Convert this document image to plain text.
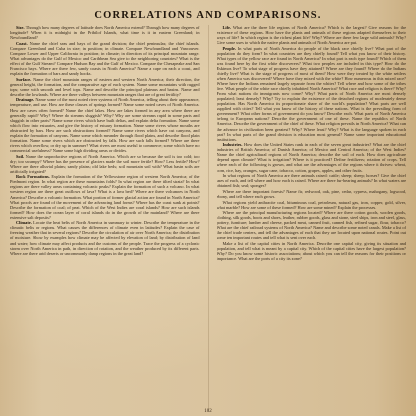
CORRELATIONS AND COMPARISONS.

Size. Through how many degrees of latitude does North America extend? Through how many degrees of longitude? When it is midnight in the Pribilof Islands, what time is it in eastern Greenland; in Newfoundland?

Coast. Name the chief seas and bays of the grand division; the chief peninsulas; the chief islands. Compare Greenland and Cuba in size; in position; in climate. Compare Newfoundland and Vancouver. Compare Lower and Upper California in position; in climate; in direction of its principal mountain range. What advantages do the Gulf of Mexico and Caribbean Sea give to the neighboring countries? What is the effect of the Gulf Stream? Compare Hudson Bay and the Gulf of Mexico. Compare the Chesapeake and San Francisco bays. Where are there few, sandy coasts in North America? Name a cape on each a coast, and explain the formation of bars and sandy hooks.

Surface. Name the chief mountain ranges of eastern and western North America; their direction, the general height, the formation, and the comparative age of each system. Name some mountains with rugged tops; some with smooth and level tops. Name and describe the principal plateaus and basins. Name and describe the lowlands. Where are there valleys between mountain ranges that are of great fertility?

Drainage. Name some of the most noted river systems of North America, telling about their appearance, temperature, and use. How are these classes of springs formed? Name some noted caves of North America. How are caves often formed? Name the chief lakes. How are lakes formed in any area where there are generally rapid? Why? Where do streams sluggish? Why? Why are some streams rapid in some parts and sluggish in other parts? Name some rivers which have built deltas, and explain delta formation. Name some which flow into estuaries, and give the history of estuary formation. Name some rivers whose mouths are obstructed by bars. How are such obstructions formed? Name some rivers which have cut canyons, and explain the formation of canyons. Name some which meander through flood plains, and describe flood plain formation. Name some rivers which are obstructed by falls. How are such falls formed? Where are there rivers which overflow, or dry up in summer? What rivers are most useful to commerce; some which have no commercial usefulness? Name some high dividing areas or divides.

Soil. Name the unproductive regions of North America. Which are so because the soil is too cold; too dry; too swampy? Where has the presence of glaciers made the soil more fertile? How? Less fertile? How? Where are there alluvial plains; sandy plains; old lake beds; soil mountain soil with? What basin soils are artificially irrigated?

Rock Formations. Explain the formation of the Yellowstone region of western North America; of the Piedmont region. In what region are these mountains folds? In what region are there tilted strata? In what regions are there valley areas containing volcanic peaks? Explain the formation of such a volcano. In what western region are there great outflows of lava? What is a lava bed? Where are there volcanoes in North America? Describe a volcanic formation. What portion of former glacial action are found in North America? What proofs are found of the movement of the advancing land forms? Where has the coast sunk at points? Describe the formation of coal; of peat. Which of the West Indies are coral islands? How are such islands formed? How does the ocean layer of coral islands do in the growth of the mainland? Where are there extensive salt deposits?

Climate. Locate the heat belts of North America in summary to winter. Describe the temperature in the climatic belts or regions. What causes the differences of climate even in latitudes? Explain the case of freezing weather that in several regions? Describe the circulation of air over North America; the distribution of moisture. Show by examples how climate may be affected by elevation of land; by distribution of land and water; how climate may affect products and the customs of the people. Trace the progress of a cyclonic storm over North America in path, in direction of rotation, and the weather produced by its different parts. Where are there arid deserts or uncommonly damp regions in the great land?

Life. What are the three life regions of North America? Which is the largest? Give reasons for the existence of these regions. How have the plants and animals of these regions adapted themselves to their ways of life? In which region is the richest plant life? Why? Where are there few large wild animals? Why? Give some uses to which the native plants and animals of North America are put.

People. In what parts of North America do people of the black race chiefly live? What part of the population do they form? In what countries are they chiefly found? Tell what you know of their history. What types of the yellow race are found in North America? In what part is each type found? Which of them was found here by the first white discoverers? What two peoples are included in this type? How do the Eskimos live? To what stage of progress have they attained? Where are they found? Where do the Indians chiefly live? What is the stage of progress of most of them? How were they treated by the white settlers when America was discovered? Where have they mixed with the white? How numerous in this mixed race? Where have the Indians remained largely separate from the whites? Tell where and how some of the tribes live. What people of the white race chiefly inhabited North America? What race and religion is there? Why? From what nations do immigrants now come? Why? What parts of North America are most densely populated; least densely? Why? Try to explain the existence of the detached regions of moderately dense population. Has North America its proportionate share of the world's population? What parts are well supplied with cities? Tell what you know of the history of these nations. What is the prevailing form of government? What other forms of government do you know? Describe each. What parts of North America belong to European nations? Describe the government of one of these. Name the republics of North America. Describe the government of the chief of these. What religion prevails in North America? What can the advance in civilization been greatest? Why? Where least? Why? What is the language spoken in each part? In what parts of the grand division is education most general? Name some important educational institutions.

Industries. How does the United States rank in each of the seven great industries? What are the chief industries of British America; of Danish America; of Mexico and Central America; of the West Indies? Name the chief agricultural regions of North America; describe the soil of each. How does agriculture depend upon climate? What is irrigation? Where is it practiced? Define fertilizers; rotation of crops. Tell where each of the following is grown, and what are the advantages of the regions where it thrives: wheat, corn, rice, hay, oranges, sugar cane, tobacco, cotton, grapes, apples, and other fruits.

In what regions of North America are there animals raised: cattle; sheep; sheep; horses? Give the chief uses of each, and tell where and how each is raised. Where are there fur-bearing animals? In what waters are obtained fish; seal; sponges?

Where are there important forests? Name fir, redwood, oak, pine, cedar, cypress, mahogany, logwood, ebony, and tell where each grows.

What regions yield anthracite coal, bituminous coal, petroleum, natural gas, iron, copper, gold, silver, what marble? How are some of these formed? How are some mined? Explain the processes.

Where are the principal manufacturing regions located? Where are there cotton goods, woolen goods, clothing, silk goods, boots and shoes, leather, rubber goods, glass and stone, steel ships, iron and steel, glass, pottery, furniture; lumber and cheese, packed meat, canned fruit, canned fish, refined sugar, flour, tobacco? What are the chief railroad systems of North America? Name and describe some noted canals. Make a list of the chief trade centers, and tell the advantages of each that they are located upon national routes. Point out some ten important routes and tell what is sent over each.

Make a list of the capital cities in North America. Describe one capital city, giving its situation and population, and tell what is meant by a capital city. Which of the capital cities have the largest population? Why? Do you know some historic associations; about which you can tell the reasons for their positions or importance. What are the ports of a city its zone?

102
